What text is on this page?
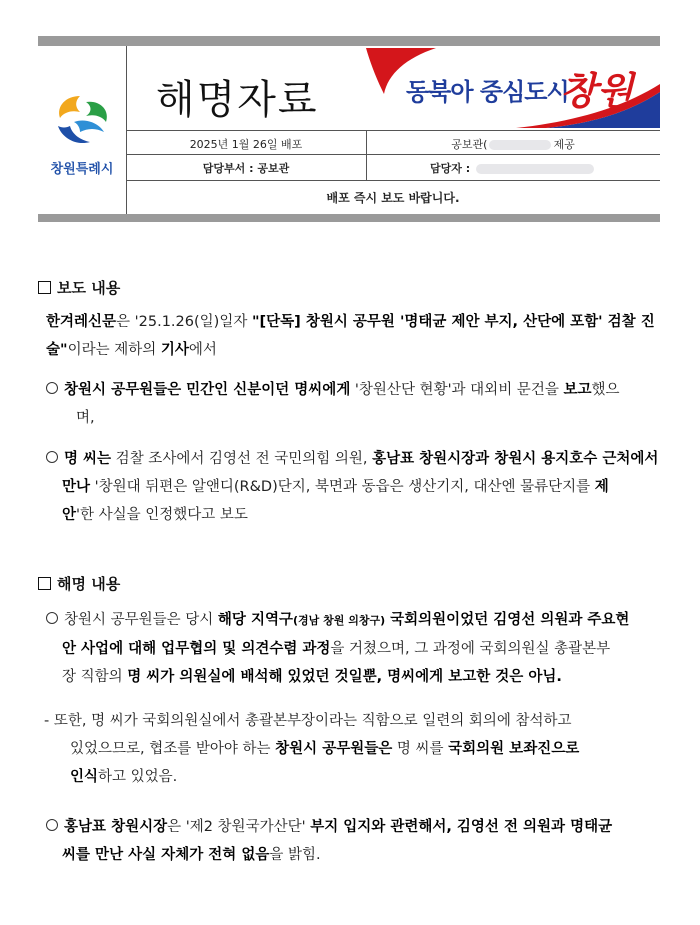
창원특례시
해명자료	동북아 중심도시
창원
2025년 1월 26일 배포	공보관(	제공
담당부서 : 공보관	담당자 :
배포 즉시 보도 바랍니다.
보도 내용
한겨레신문은 '25.1.26(일)일자 "[단독] 창원시 공무원 '명태균 제안 부지, 산단에 포함' 검찰 진
술"이라는 제하의 기사에서
창원시 공무원들은 민간인 신분이던 명씨에게 '창원산단 현황'과 대외비 문건을 보고했으
며,
명 씨는 검찰 조사에서 김영선 전 국민의힘 의원, 홍남표 창원시장과 창원시 용지호수 근처에서
만나 '창원대 뒤편은 알앤디(R&D)단지, 북면과 동읍은 생산기지, 대산엔 물류단지를 제
안'한 사실을 인정했다고 보도
해명 내용
창원시 공무원들은 당시 해당 지역구(경남 창원 의창구) 국회의원이었던 김영선 의원과 주요현
안 사업에 대해 업무협의 및 의견수렴 과정을 거쳤으며, 그 과정에 국회의원실 총괄본부
장 직함의 명 씨가 의원실에 배석해 있었던 것일뿐, 명씨에게 보고한 것은 아님.
- 또한, 명 씨가 국회의원실에서 총괄본부장이라는 직함으로 일련의 회의에 참석하고
있었으므로, 협조를 받아야 하는 창원시 공무원들은 명 씨를 국회의원 보좌진으로
인식하고 있었음.
홍남표 창원시장은 '제2 창원국가산단' 부지 입지와 관련해서, 김영선 전 의원과 명태균
씨를 만난 사실 자체가 전혀 없음을 밝힘.
